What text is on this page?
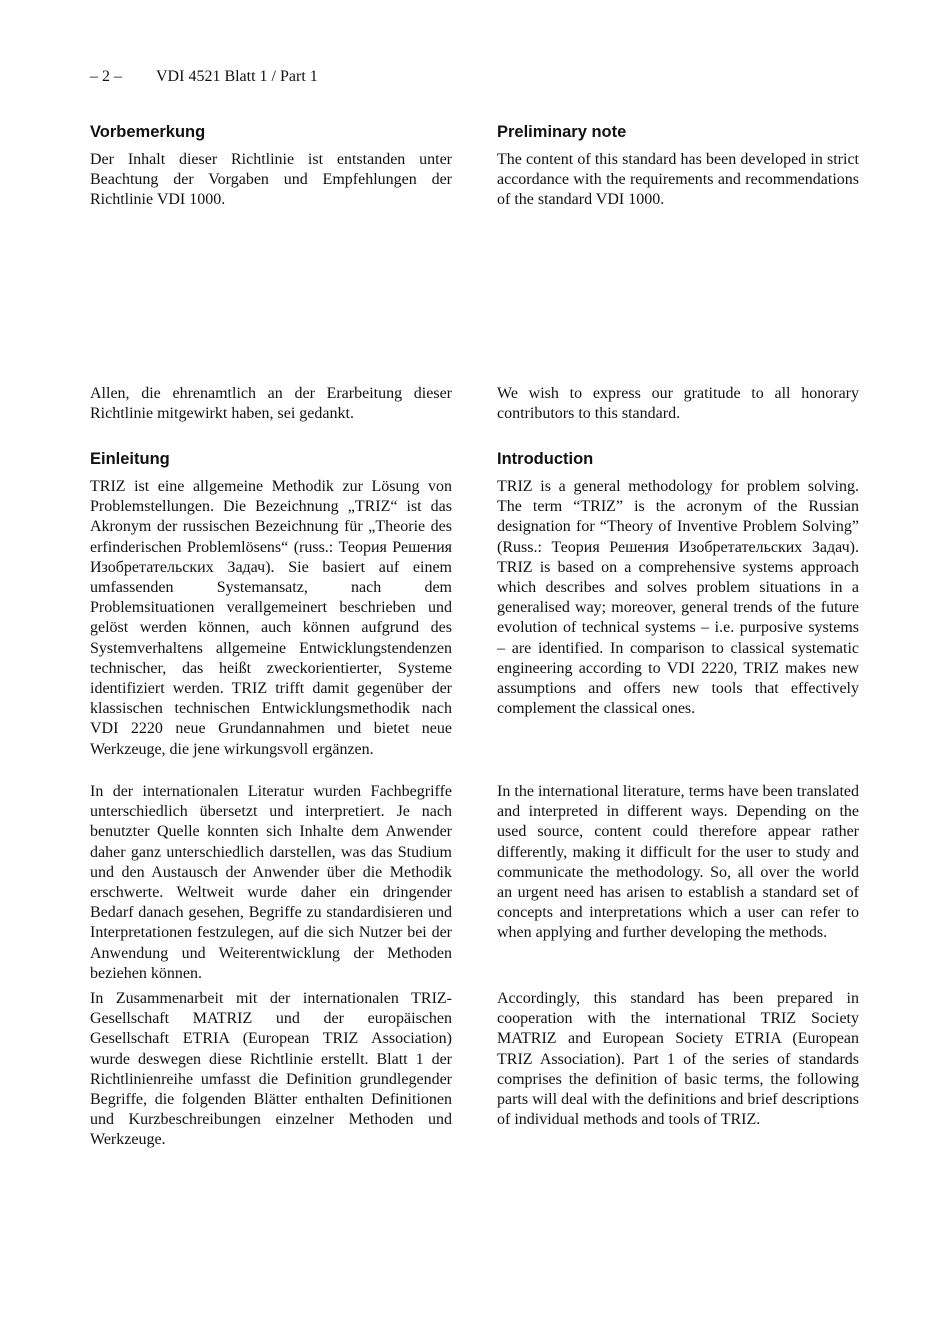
– 2 – VDI 4521 Blatt 1 / Part 1
Vorbemerkung

Der Inhalt dieser Richtlinie ist entstanden unter Beachtung der Vorgaben und Empfehlungen der Richtlinie VDI 1000.

Preliminary note

The content of this standard has been developed in strict accordance with the requirements and recommendations of the standard VDI 1000.

Allen, die ehrenamtlich an der Erarbeitung dieser Richtlinie mitgewirkt haben, sei gedankt.

We wish to express our gratitude to all honorary contributors to this standard.

Einleitung

TRIZ ist eine allgemeine Methodik zur Lösung von Problemstellungen. Die Bezeichnung „TRIZ“ ist das Akronym der russischen Bezeichnung für „Theorie des erfinderischen Problemlösens“ (russ.: Теория Решения Изобретательских Задач). Sie basiert auf einem umfassenden Systemansatz, nach dem Problemsituationen verallgemeinert beschrieben und gelöst werden können, auch können aufgrund des Systemverhaltens allgemeine Entwicklungstendenzen technischer, das heißt zweckorientierter, Systeme identifiziert werden. TRIZ trifft damit gegenüber der klassischen technischen Entwicklungsmethodik nach VDI 2220 neue Grundannahmen und bietet neue Werkzeuge, die jene wirkungsvoll ergänzen.

Introduction

TRIZ is a general methodology for problem solving. The term “TRIZ” is the acronym of the Russian designation for “Theory of Inventive Problem Solving” (Russ.: Теория Решения Изобретательских Задач). TRIZ is based on a comprehensive systems approach which describes and solves problem situations in a generalised way; moreover, general trends of the future evolution of technical systems – i.e. purposive systems – are identified. In comparison to classical systematic engineering according to VDI 2220, TRIZ makes new assumptions and offers new tools that effectively complement the classical ones.

In der internationalen Literatur wurden Fachbegriffe unterschiedlich übersetzt und interpretiert. Je nach benutzter Quelle konnten sich Inhalte dem Anwender daher ganz unterschiedlich darstellen, was das Studium und den Austausch der Anwender über die Methodik erschwerte. Weltweit wurde daher ein dringender Bedarf danach gesehen, Begriffe zu standardisieren und Interpretationen festzulegen, auf die sich Nutzer bei der Anwendung und Weiterentwicklung der Methoden beziehen können.

In the international literature, terms have been translated and interpreted in different ways. Depending on the used source, content could therefore appear rather differently, making it difficult for the user to study and communicate the methodology. So, all over the world an urgent need has arisen to establish a standard set of concepts and interpretations which a user can refer to when applying and further developing the methods.

In Zusammenarbeit mit der internationalen TRIZ-Gesellschaft MATRIZ und der europäischen Gesellschaft ETRIA (European TRIZ Association) wurde deswegen diese Richtlinie erstellt. Blatt 1 der Richtlinienreihe umfasst die Definition grundlegender Begriffe, die folgenden Blätter enthalten Definitionen und Kurzbeschreibungen einzelner Methoden und Werkzeuge.

Accordingly, this standard has been prepared in cooperation with the international TRIZ Society MATRIZ and European Society ETRIA (European TRIZ Association). Part 1 of the series of standards comprises the definition of basic terms, the following parts will deal with the definitions and brief descriptions of individual methods and tools of TRIZ.
